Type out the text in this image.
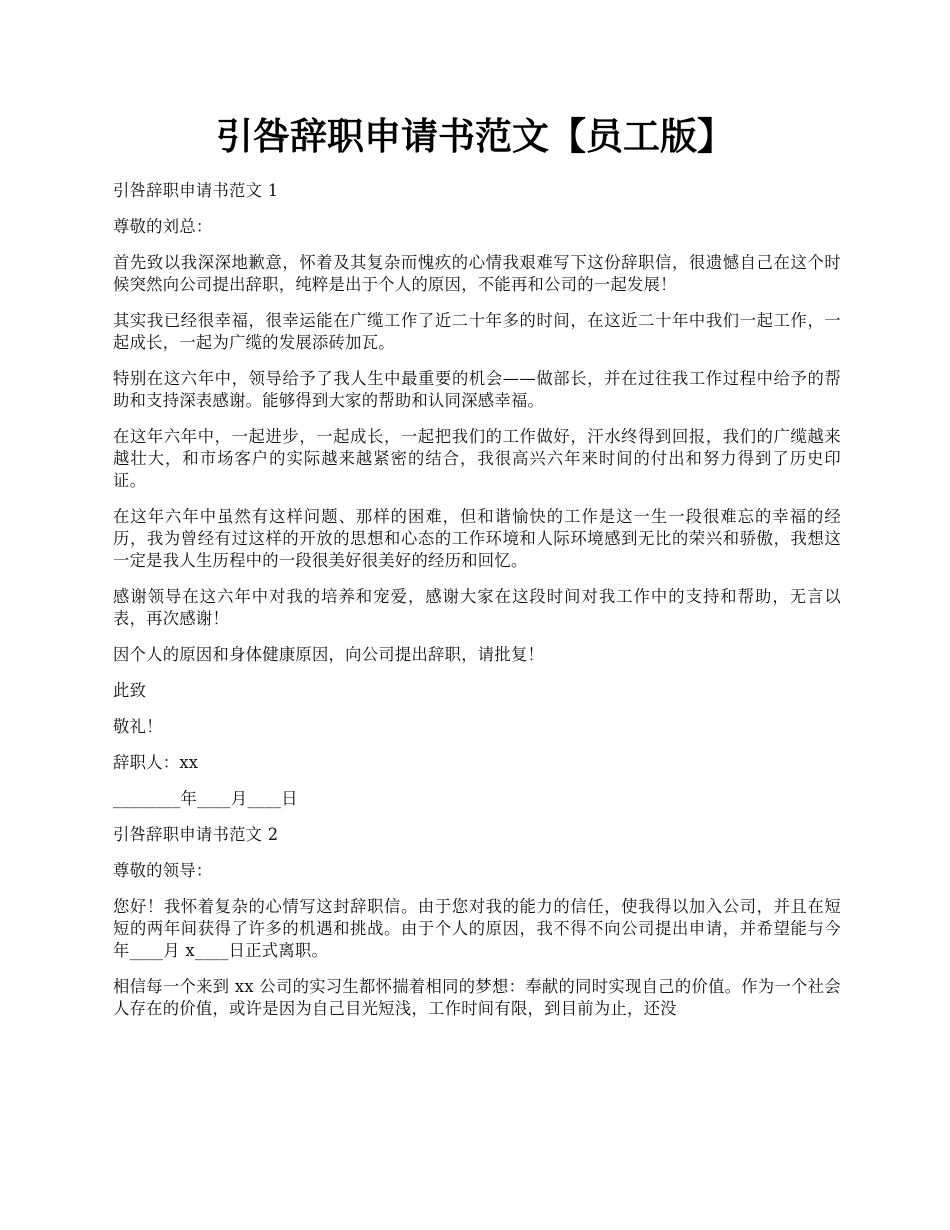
引咎辞职申请书范文【员工版】

引咎辞职申请书范文 1

尊敬的刘总：

首先致以我深深地歉意，怀着及其复杂而愧疚的心情我艰难写下这份辞职信，很遗憾自己在这个时候突然向公司提出辞职，纯粹是出于个人的原因，不能再和公司的一起发展！

其实我已经很幸福，很幸运能在广缆工作了近二十年多的时间，在这近二十年中我们一起工作，一起成长，一起为广缆的发展添砖加瓦。

特别在这六年中，领导给予了我人生中最重要的机会——做部长，并在过往我工作过程中给予的帮助和支持深表感谢。能够得到大家的帮助和认同深感幸福。

在这年六年中，一起进步，一起成长，一起把我们的工作做好，汗水终得到回报，我们的广缆越来越壮大，和市场客户的实际越来越紧密的结合，我很高兴六年来时间的付出和努力得到了历史印证。

在这年六年中虽然有这样问题、那样的困难，但和谐愉快的工作是这一生一段很难忘的幸福的经历，我为曾经有过这样的开放的思想和心态的工作环境和人际环境感到无比的荣兴和骄傲，我想这一定是我人生历程中的一段很美好很美好的经历和回忆。

感谢领导在这六年中对我的培养和宠爱，感谢大家在这段时间对我工作中的支持和帮助，无言以表，再次感谢！

因个人的原因和身体健康原因，向公司提出辞职，请批复！

此致

敬礼！

辞职人：xx

________年____月____日

引咎辞职申请书范文 2

尊敬的领导：

您好！我怀着复杂的心情写这封辞职信。由于您对我的能力的信任，使我得以加入公司，并且在短短的两年间获得了许多的机遇和挑战。由于个人的原因，我不得不向公司提出申请，并希望能与今年____月 x____日正式离职。

相信每一个来到 xx 公司的实习生都怀揣着相同的梦想：奉献的同时实现自己的价值。作为一个社会人存在的价值，或许是因为自己目光短浅，工作时间有限，到目前为止，还没
